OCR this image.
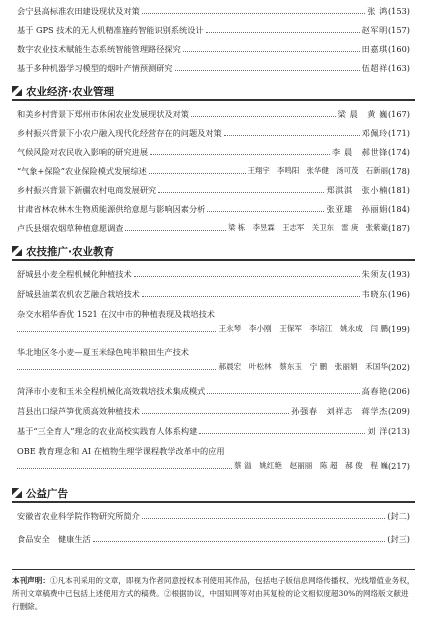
会宁县高标准农田建设现状及对策	张 鸿 (153)
基于 GPS 技术的无人机精准施药智能识别系统设计	赵军明 (157)
数字农业技术赋能生态系统智能管理路径探究	田嘉琪 (160)
基于多种机器学习模型的烟叶产情预测研究	伍超祥 (163)
农业经济·农业管理
和美乡村背景下郑州市休闲农业发展现状及对策	梁 晨　黄 巍 (167)
乡村振兴背景下小农户融入现代化经营存在的问题及对策	邓佩玲 (171)
气候风险对农民收入影响的研究进展	李 晨　郝世锋 (174)
“气象+保险”农业保险模式发展综述	王翔宇　李鸣阳　张华健　汤可茂　石新丽 (178)
乡村振兴背景下新疆农村电商发展研究	郑淇淇　张小楠 (181)
甘肃省林农林木生物质能源供给意愿与影响因素分析	张亚雄　孙丽娟 (184)
卢氏县烟农烟草种植意愿调查	梁 栋　李昱霖　王志军　关卫东　雷 庚　张紫豪 (187)
农技推广·农业教育
舒城县小麦全程机械化种植技术	朱须友 (193)
舒城县油菜农机农艺融合栽培技术	韦晓东 (196)
杂交水稻华香优 1521 在汉中市的种植表现及栽培技术
王永琴　李小刚　王保军　李培江　姚永成　闫 鹏 (199)
华北地区冬小麦—夏玉米绿色吨半粮田生产技术
郝晨宏　叶松林　蔡东玉　宁 鹏　张丽娟　禾国华 (202)
菏泽市小麦和玉米全程机械化高效栽培技术集成模式	高春艳 (206)
莒县出口绿芦笋优质高效种植技术	孙强春　刘祥志　蒋学杰 (209)
基于“三全育人”理念的农业高校实践育人体系构建	刘 洋 (213)
OBE 教育理念和 AI 在植物生理学课程教学改革中的应用
蔡 溢　姚红艳　赵丽丽　陈 超　郝 俊　程 巍 (217)
公益广告
安徽省农业科学院作物研究所简介	(封二)
食品安全　健康生活	(封三)
本刊声明：①凡本刊采用的文章，即视为作者同意授权本刊使用其作品，包括电子版信息网络传播权、光线增值业务权，所刊文章稿费中已包括上述使用方式的稿费。②根据协议，中国知网等对由其复检的论文相似度超30%的网络版文献进行删除。
